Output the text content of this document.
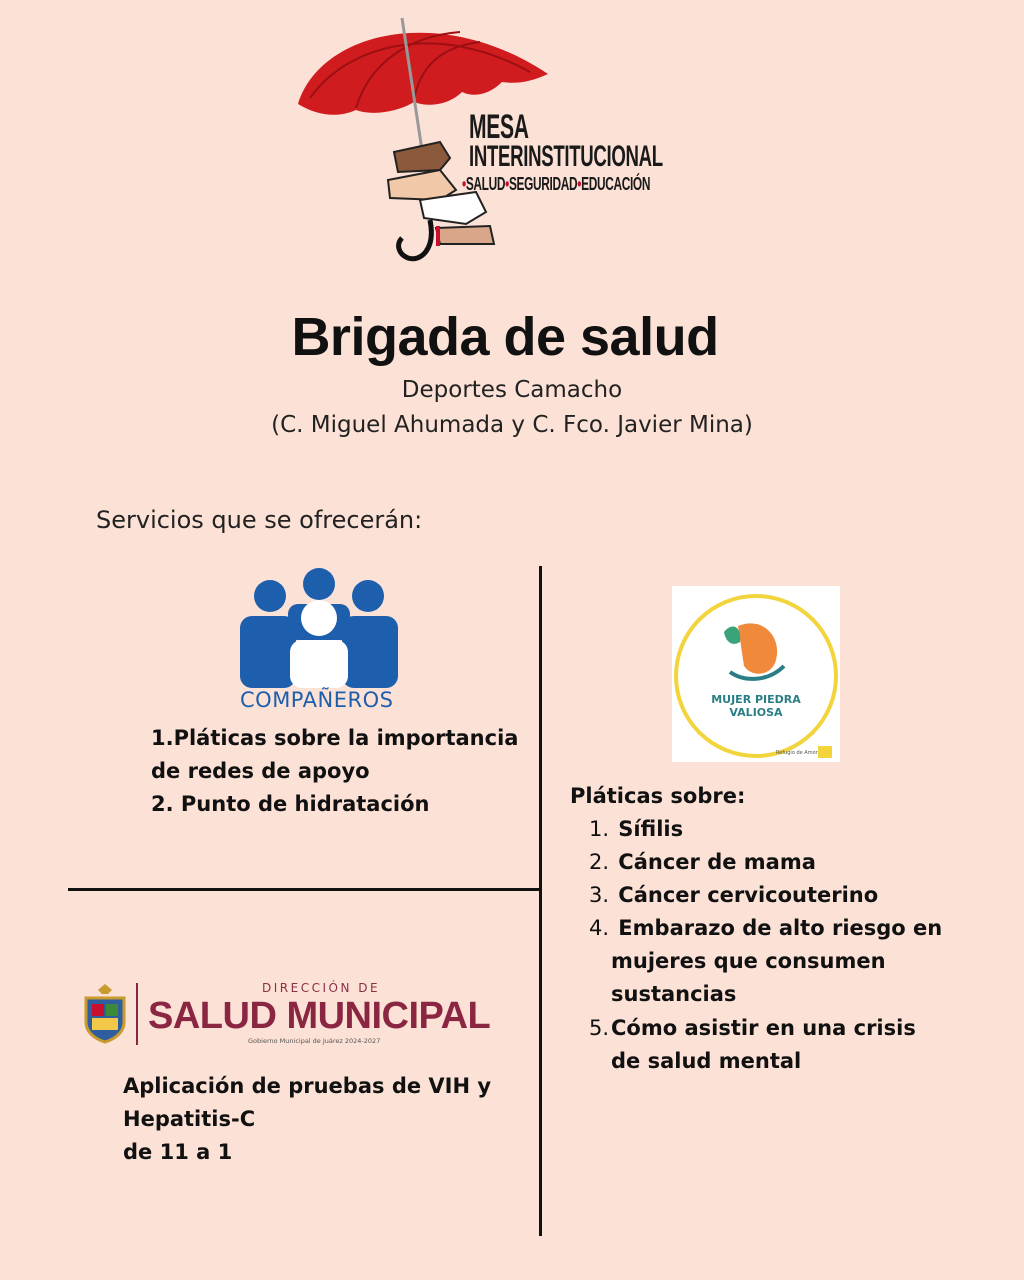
MESA
INTERINSTITUCIONAL
•SALUD•SEGURIDAD•EDUCACIÓN
Brigada de salud
Deportes Camacho
(C. Miguel Ahumada y C. Fco. Javier Mina)
Servicios que se ofrecerán:
COMPAÑEROS
1.Pláticas sobre la importancia
de redes de apoyo
2. Punto de hidratación
MUJER PIEDRA
VALIOSA
Refugio de Amor
Pláticas sobre:
1. Sífilis
2. Cáncer de mama
3. Cáncer cervicouterino
4. Embarazo de alto riesgo en
mujeres que consumen
sustancias
5. Cómo asistir en una crisis
de salud mental
DIRECCIÓN DE
SALUD MUNICIPAL
Gobierno Municipal de Juárez 2024-2027
Aplicación de pruebas de VIH y
Hepatitis-C
de 11 a 1
